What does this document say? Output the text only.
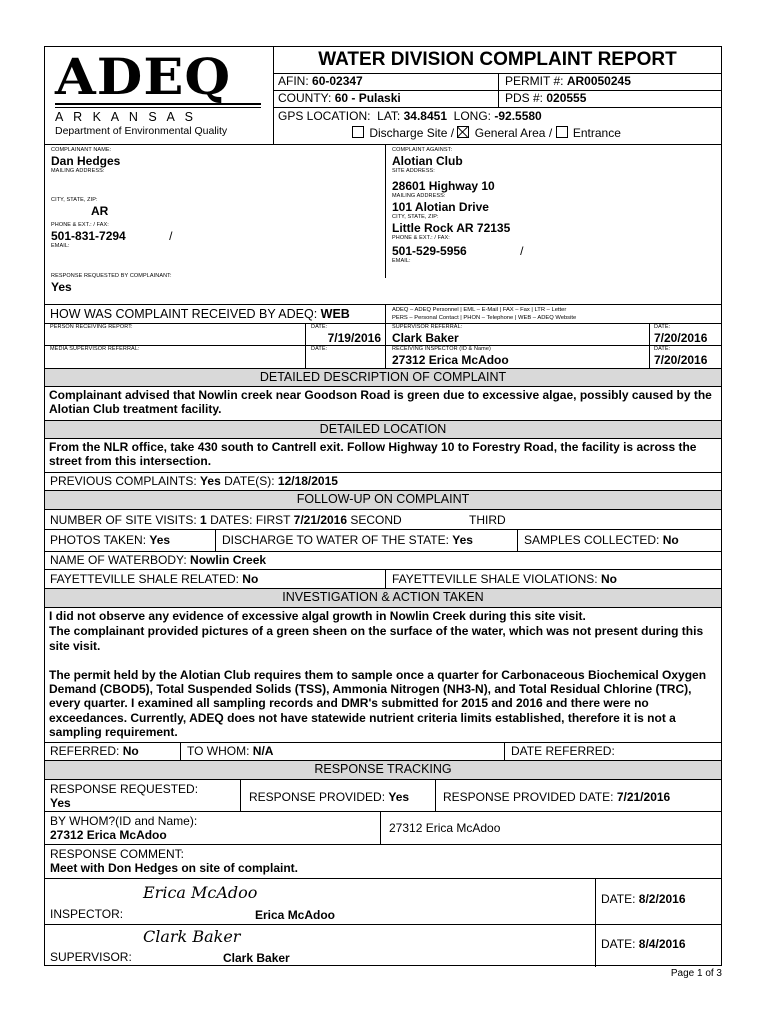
ADEQ
A R K A N S A S
Department of Environmental Quality
WATER DIVISION COMPLAINT REPORT
AFIN: 60-02347	PERMIT #: AR0050245
COUNTY: 60 - Pulaski	PDS #: 020555
GPS LOCATION: LAT: 34.8451 LONG: -92.5580
Discharge Site / General Area / Entrance
COMPLAINANT NAME:
Dan Hedges
MAILING ADDRESS:
CITY, STATE, ZIP:
AR
PHONE & EXT.: / FAX:
501-831-7294	/
EMAIL:
RESPONSE REQUESTED BY COMPLAINANT:
Yes
COMPLAINT AGAINST:
Alotian Club
SITE ADDRESS:
28601 Highway 10
MAILING ADDRESS:
101 Alotian Drive
CITY, STATE, ZIP:
Little Rock AR 72135
PHONE & EXT.: / FAX:
501-529-5956	/
EMAIL:
HOW WAS COMPLAINT RECEIVED BY ADEQ: WEB	ADEQ – ADEQ Personnel | EML – E-Mail | FAX – Fax | LTR – Letter
PERS – Personal Contact | PHON – Telephone | WEB – ADEQ Website
PERSON RECEIVING REPORT:	DATE:
7/19/2016
SUPERVISOR REFERRAL:
Clark Baker
DATE:
7/20/2016
MEDIA SUPERVISOR REFERRAL:	DATE:	RECEIVING INSPECTOR (ID & Name)
27312 Erica McAdoo
DATE:
7/20/2016
DETAILED DESCRIPTION OF COMPLAINT
Complainant advised that Nowlin creek near Goodson Road is green due to excessive algae, possibly caused by the Alotian Club treatment facility.
DETAILED LOCATION
From the NLR office, take 430 south to Cantrell exit. Follow Highway 10 to Forestry Road, the facility is across the street from this intersection.
PREVIOUS COMPLAINTS: Yes DATE(S): 12/18/2015
FOLLOW-UP ON COMPLAINT
NUMBER OF SITE VISITS: 1 DATES: FIRST 7/21/2016 SECOND	THIRD
PHOTOS TAKEN: Yes	DISCHARGE TO WATER OF THE STATE: Yes	SAMPLES COLLECTED: No
NAME OF WATERBODY: Nowlin Creek
FAYETTEVILLE SHALE RELATED: No	FAYETTEVILLE SHALE VIOLATIONS: No
INVESTIGATION & ACTION TAKEN
I did not observe any evidence of excessive algal growth in Nowlin Creek during this site visit.
The complainant provided pictures of a green sheen on the surface of the water, which was not present during this site visit.
The permit held by the Alotian Club requires them to sample once a quarter for Carbonaceous Biochemical Oxygen Demand (CBOD5), Total Suspended Solids (TSS), Ammonia Nitrogen (NH3-N), and Total Residual Chlorine (TRC), every quarter. I examined all sampling records and DMR's submitted for 2015 and 2016 and there were no exceedances. Currently, ADEQ does not have statewide nutrient criteria limits established, therefore it is not a sampling requirement.
REFERRED: No	TO WHOM: N/A	DATE REFERRED:
RESPONSE TRACKING
RESPONSE REQUESTED:
Yes	RESPONSE PROVIDED: Yes	RESPONSE PROVIDED DATE: 7/21/2016
BY WHOM?(ID and Name):
27312 Erica McAdoo	27312 Erica McAdoo
RESPONSE COMMENT:
Meet with Don Hedges on site of complaint.
Erica McAdoo
INSPECTOR:	Erica McAdoo
DATE: 8/2/2016
Clark Baker
SUPERVISOR:	Clark Baker
DATE: 8/4/2016
Page 1 of 3
